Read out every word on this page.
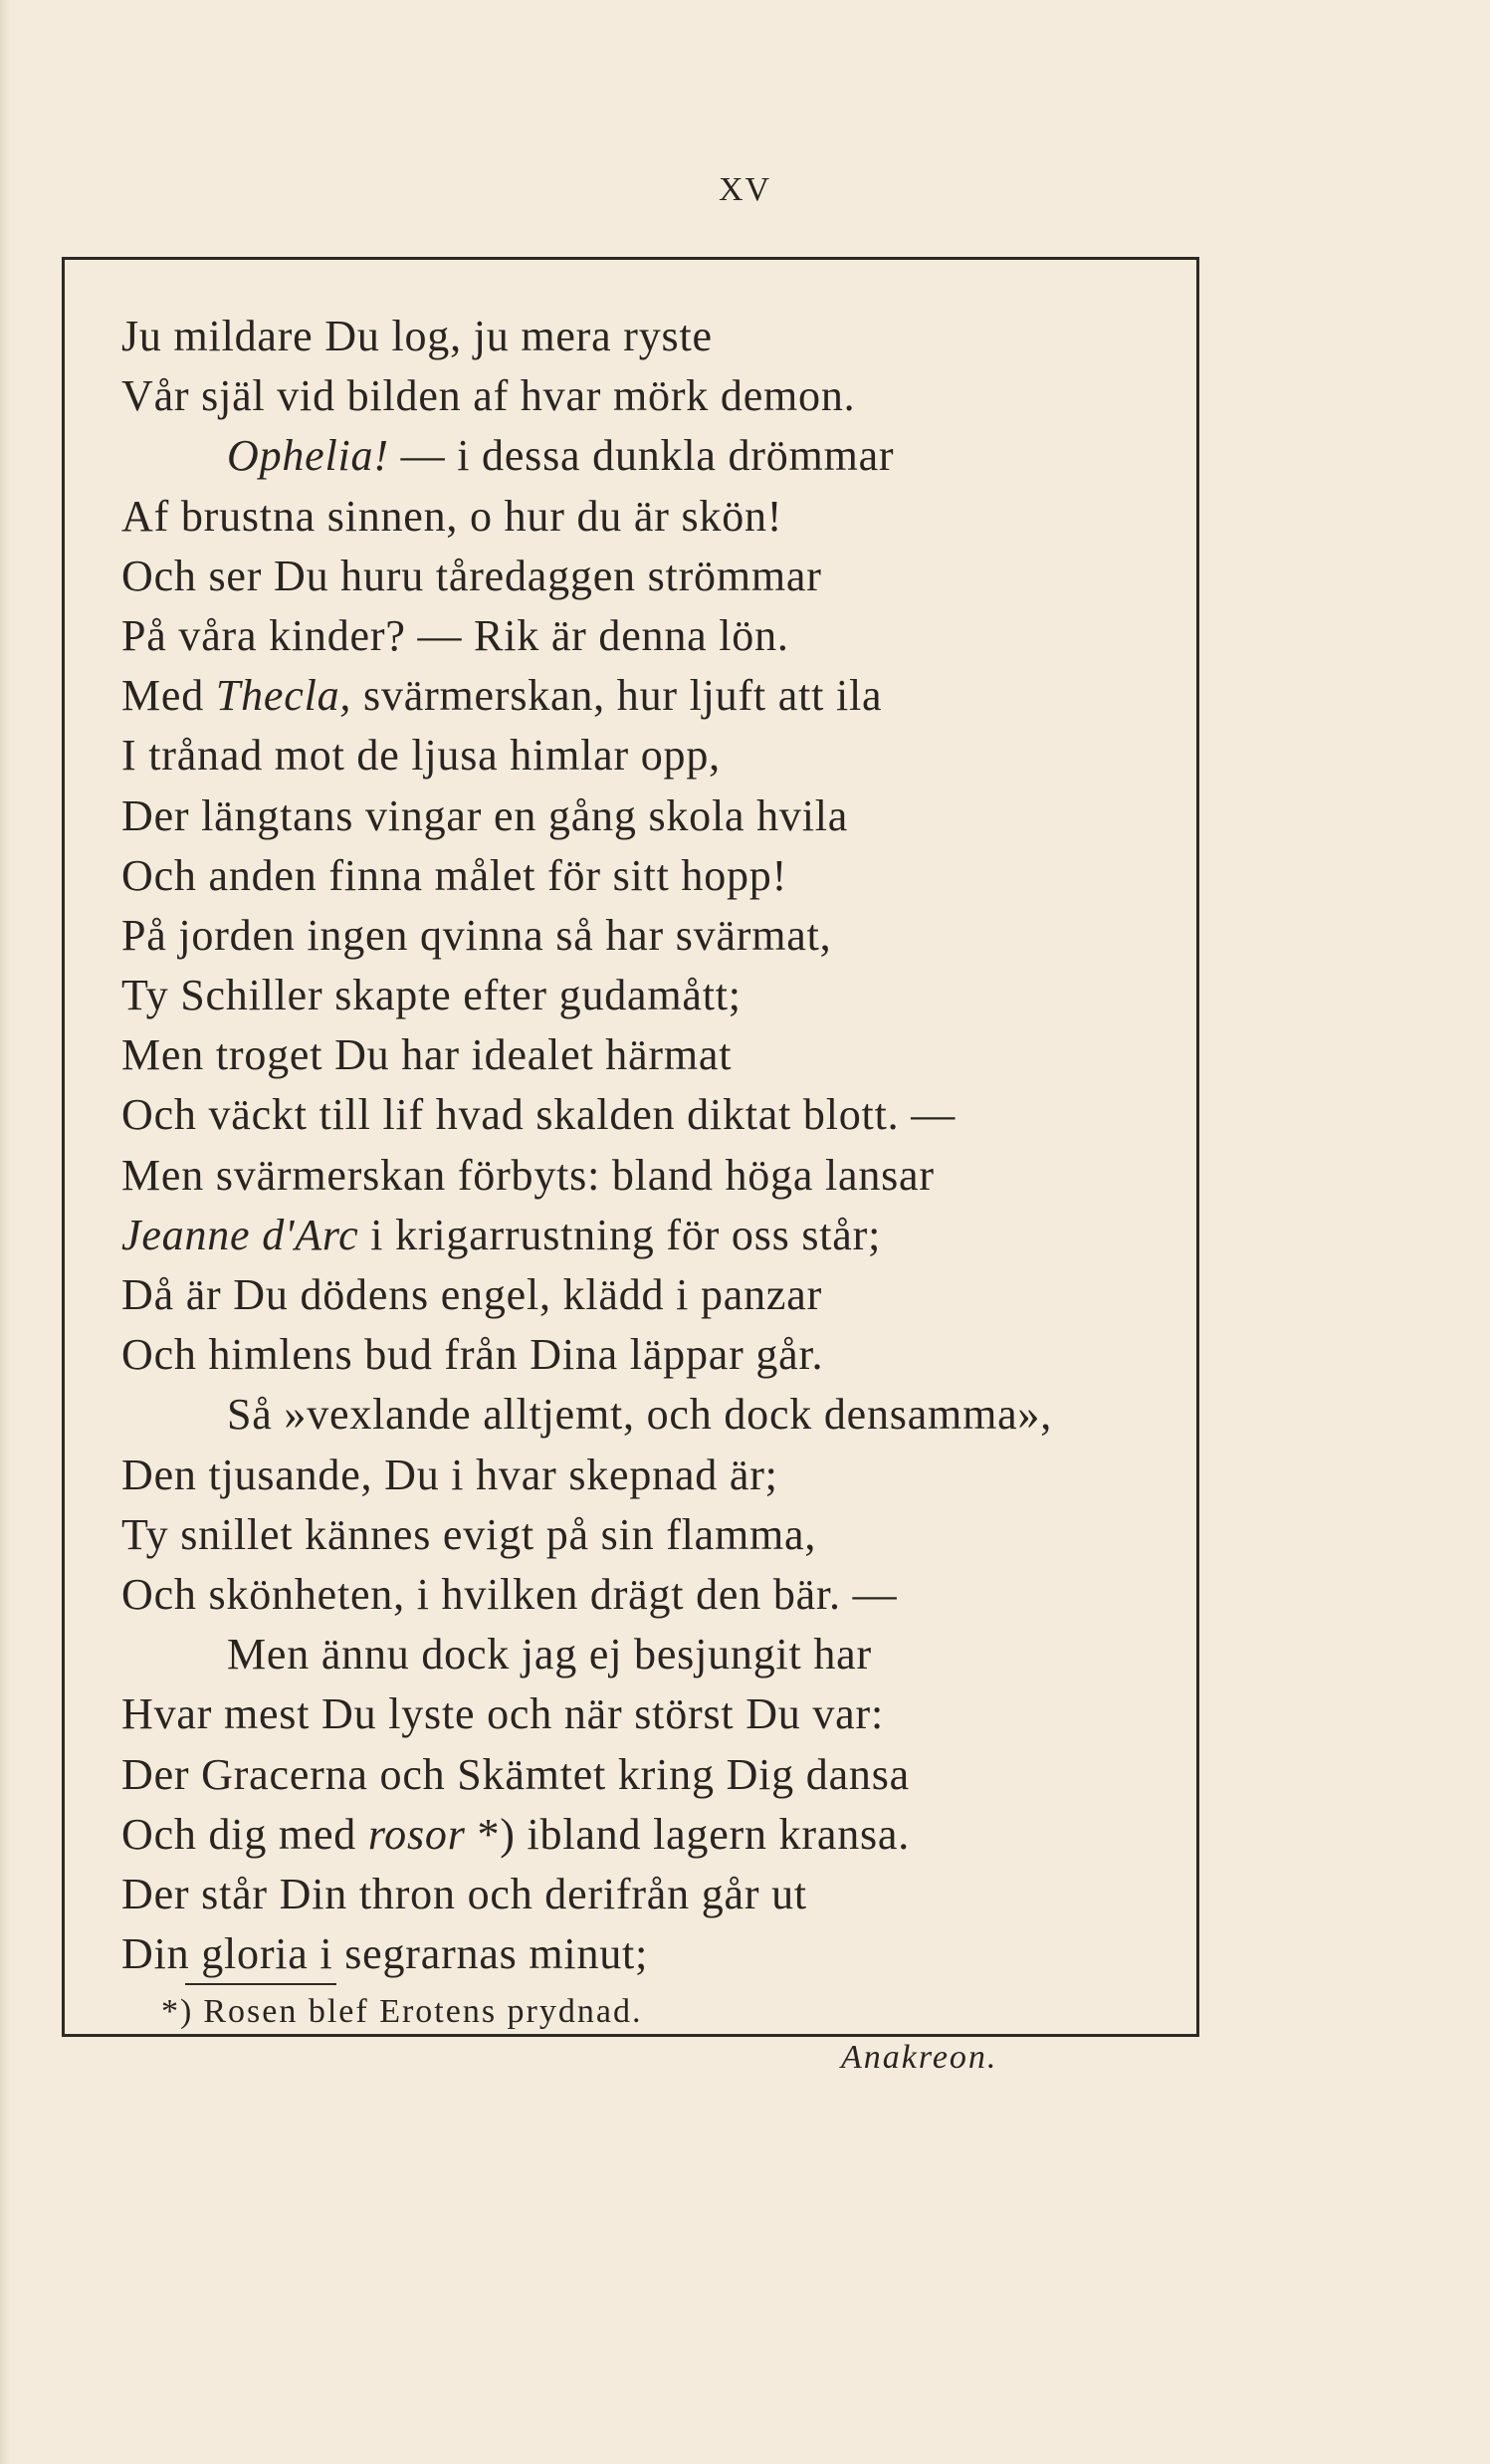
XV
Ju mildare Du log, ju mera ryste
Vår själ vid bilden af hvar mörk demon.
Ophelia! — i dessa dunkla drömmar
Af brustna sinnen, o hur du är skön!
Och ser Du huru tåredaggen strömmar
På våra kinder? — Rik är denna lön.
Med Thecla, svärmerskan, hur ljuft att ila
I trånad mot de ljusa himlar opp,
Der längtans vingar en gång skola hvila
Och anden finna målet för sitt hopp!
På jorden ingen qvinna så har svärmat,
Ty Schiller skapte efter gudamått;
Men troget Du har idealet härmat
Och väckt till lif hvad skalden diktat blott. —
Men svärmerskan förbyts: bland höga lansar
Jeanne d'Arc i krigarrustning för oss står;
Då är Du dödens engel, klädd i panzar
Och himlens bud från Dina läppar går.
Så »vexlande alltjemt, och dock densamma»,
Den tjusande, Du i hvar skepnad är;
Ty snillet kännes evigt på sin flamma,
Och skönheten, i hvilken drägt den bär. —
Men ännu dock jag ej besjungit har
Hvar mest Du lyste och när störst Du var:
Der Gracerna och Skämtet kring Dig dansa
Och dig med rosor *) ibland lagern kransa.
Der står Din thron och derifrån går ut
Din gloria i segrarnas minut;
*) Rosen blef Erotens prydnad.
Anakreon.
